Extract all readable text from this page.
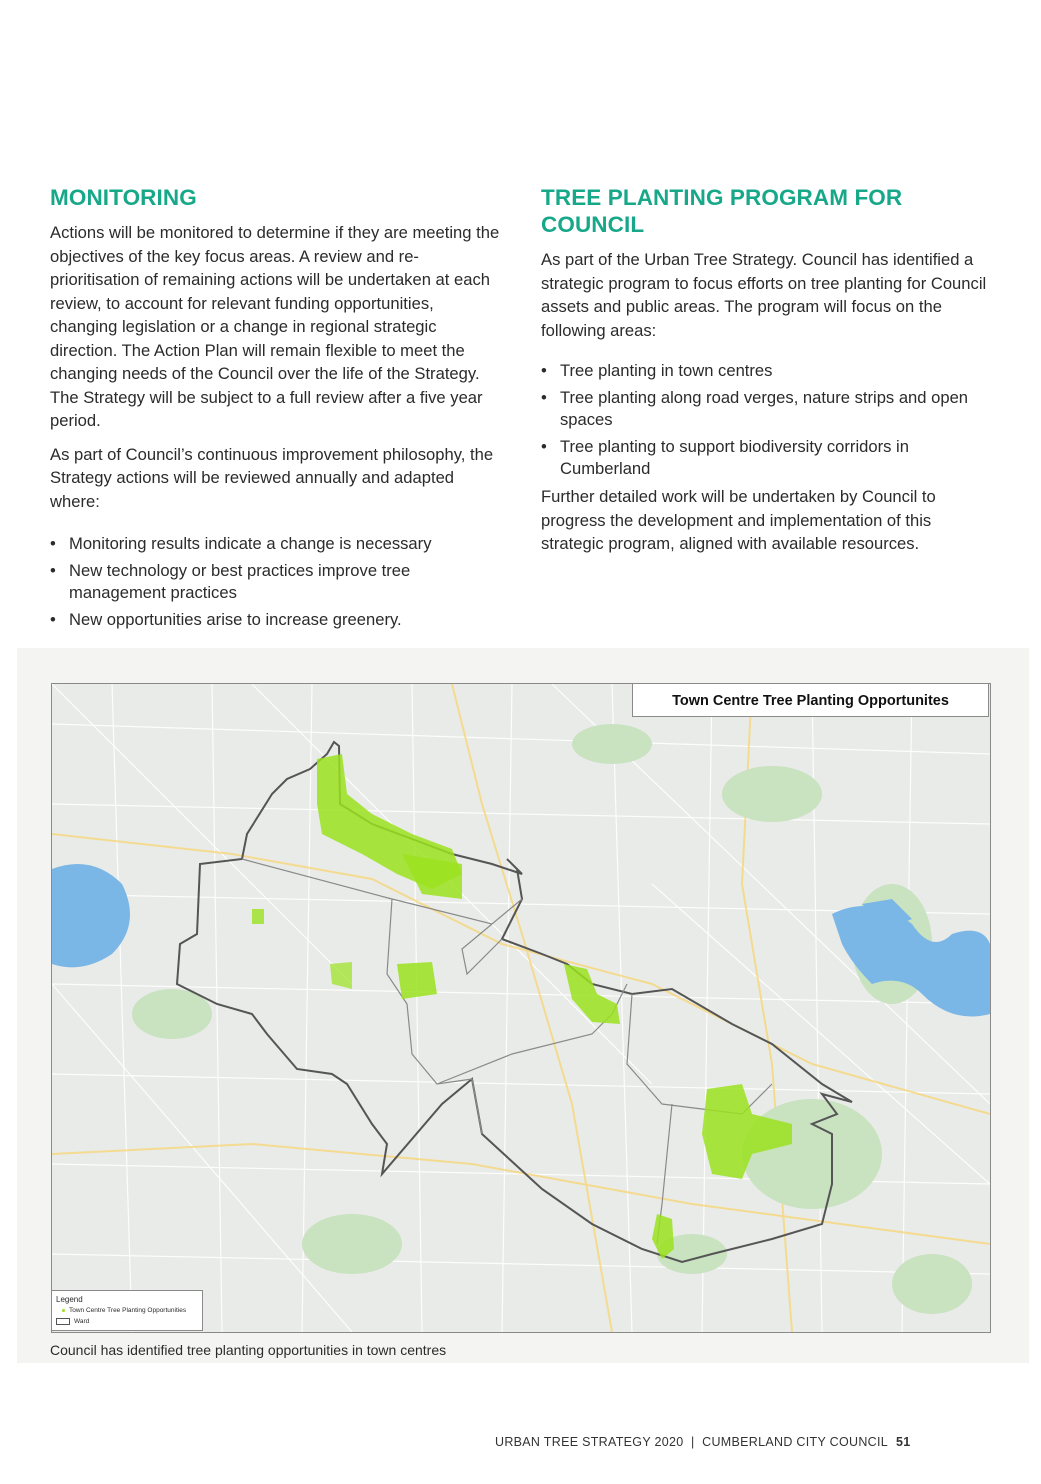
MONITORING

Actions will be monitored to determine if they are meeting the objectives of the key focus areas. A review and re-prioritisation of remaining actions will be undertaken at each review, to account for relevant funding opportunities, changing legislation or a change in regional strategic direction. The Action Plan will remain flexible to meet the changing needs of the Council over the life of the Strategy. The Strategy will be subject to a full review after a five year period.

As part of Council’s continuous improvement philosophy, the Strategy actions will be reviewed annually and adapted where:

• Monitoring results indicate a change is necessary
• New technology or best practices improve tree management practices
• New opportunities arise to increase greenery.
TREE PLANTING PROGRAM FOR COUNCIL

As part of the Urban Tree Strategy. Council has identified a strategic program to focus efforts on tree planting for Council assets and public areas. The program will focus on the following areas:

• Tree planting in town centres
• Tree planting along road verges, nature strips and open spaces
• Tree planting to support biodiversity corridors in Cumberland

Further detailed work will be undertaken by Council to progress the development and implementation of this strategic program, aligned with available resources.

Town Centre Tree Planting Opportunites
Legend
Town Centre Tree Planting Opportunities
Ward
Council has identified tree planting opportunities in town centres
URBAN TREE STRATEGY 2020  |  CUMBERLAND CITY COUNCIL 51
